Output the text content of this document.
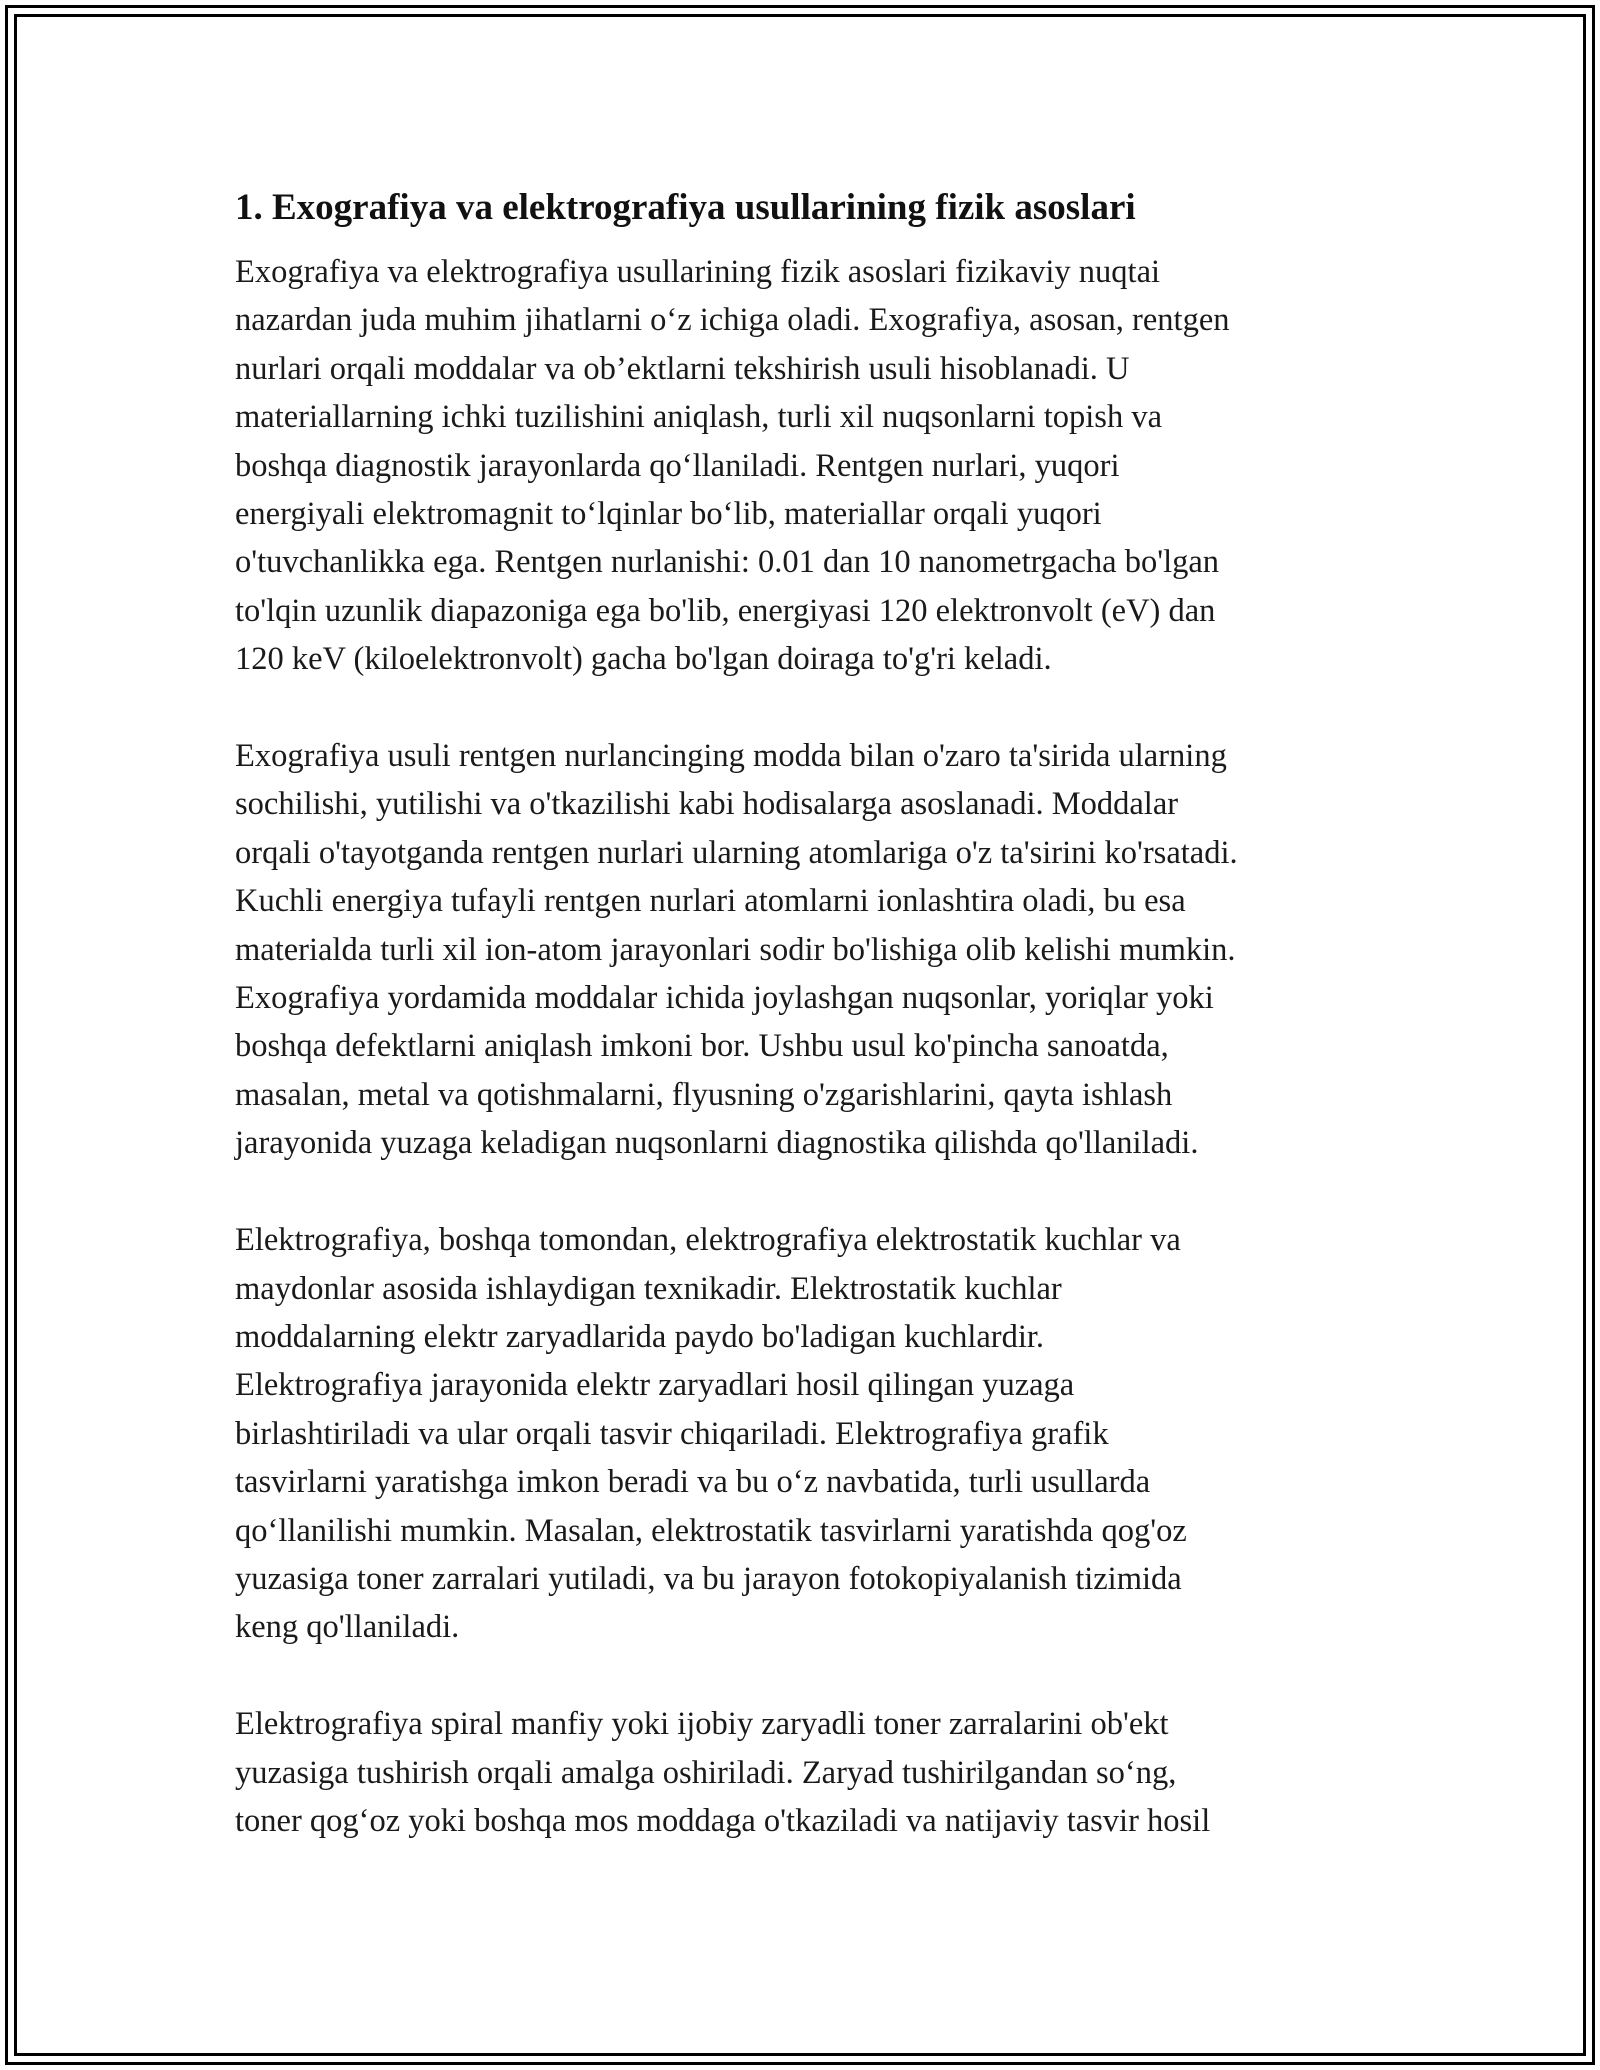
1. Exografiya va elektrografiya usullarining fizik asoslari

Exografiya va elektrografiya usullarining fizik asoslari fizikaviy nuqtai
nazardan juda muhim jihatlarni o‘z ichiga oladi. Exografiya, asosan, rentgen
nurlari orqali moddalar va ob’ektlarni tekshirish usuli hisoblanadi. U
materiallarning ichki tuzilishini aniqlash, turli xil nuqsonlarni topish va
boshqa diagnostik jarayonlarda qo‘llaniladi. Rentgen nurlari, yuqori
energiyali elektromagnit to‘lqinlar bo‘lib, materiallar orqali yuqori
o'tuvchanlikka ega. Rentgen nurlanishi: 0.01 dan 10 nanometrgacha bo'lgan
to'lqin uzunlik diapazoniga ega bo'lib, energiyasi 120 elektronvolt (eV) dan
120 keV (kiloelektronvolt) gacha bo'lgan doiraga to'g'ri keladi.

Exografiya usuli rentgen nurlancinging modda bilan o'zaro ta'sirida ularning
sochilishi, yutilishi va o'tkazilishi kabi hodisalarga asoslanadi. Moddalar
orqali o'tayotganda rentgen nurlari ularning atomlariga o'z ta'sirini ko'rsatadi.
Kuchli energiya tufayli rentgen nurlari atomlarni ionlashtira oladi, bu esa
materialda turli xil ion-atom jarayonlari sodir bo'lishiga olib kelishi mumkin.
Exografiya yordamida moddalar ichida joylashgan nuqsonlar, yoriqlar yoki
boshqa defektlarni aniqlash imkoni bor. Ushbu usul ko'pincha sanoatda,
masalan, metal va qotishmalarni, flyusning o'zgarishlarini, qayta ishlash
jarayonida yuzaga keladigan nuqsonlarni diagnostika qilishda qo'llaniladi.

Elektrografiya, boshqa tomondan, elektrografiya elektrostatik kuchlar va
maydonlar asosida ishlaydigan texnikadir. Elektrostatik kuchlar
moddalarning elektr zaryadlarida paydo bo'ladigan kuchlardir.
Elektrografiya jarayonida elektr zaryadlari hosil qilingan yuzaga
birlashtiriladi va ular orqali tasvir chiqariladi. Elektrografiya grafik
tasvirlarni yaratishga imkon beradi va bu o‘z navbatida, turli usullarda
qo‘llanilishi mumkin. Masalan, elektrostatik tasvirlarni yaratishda qog'oz
yuzasiga toner zarralari yutiladi, va bu jarayon fotokopiyalanish tizimida
keng qo'llaniladi.

Elektrografiya spiral manfiy yoki ijobiy zaryadli toner zarralarini ob'ekt
yuzasiga tushirish orqali amalga oshiriladi. Zaryad tushirilgandan so‘ng,
toner qog‘oz yoki boshqa mos moddaga o'tkaziladi va natijaviy tasvir hosil
